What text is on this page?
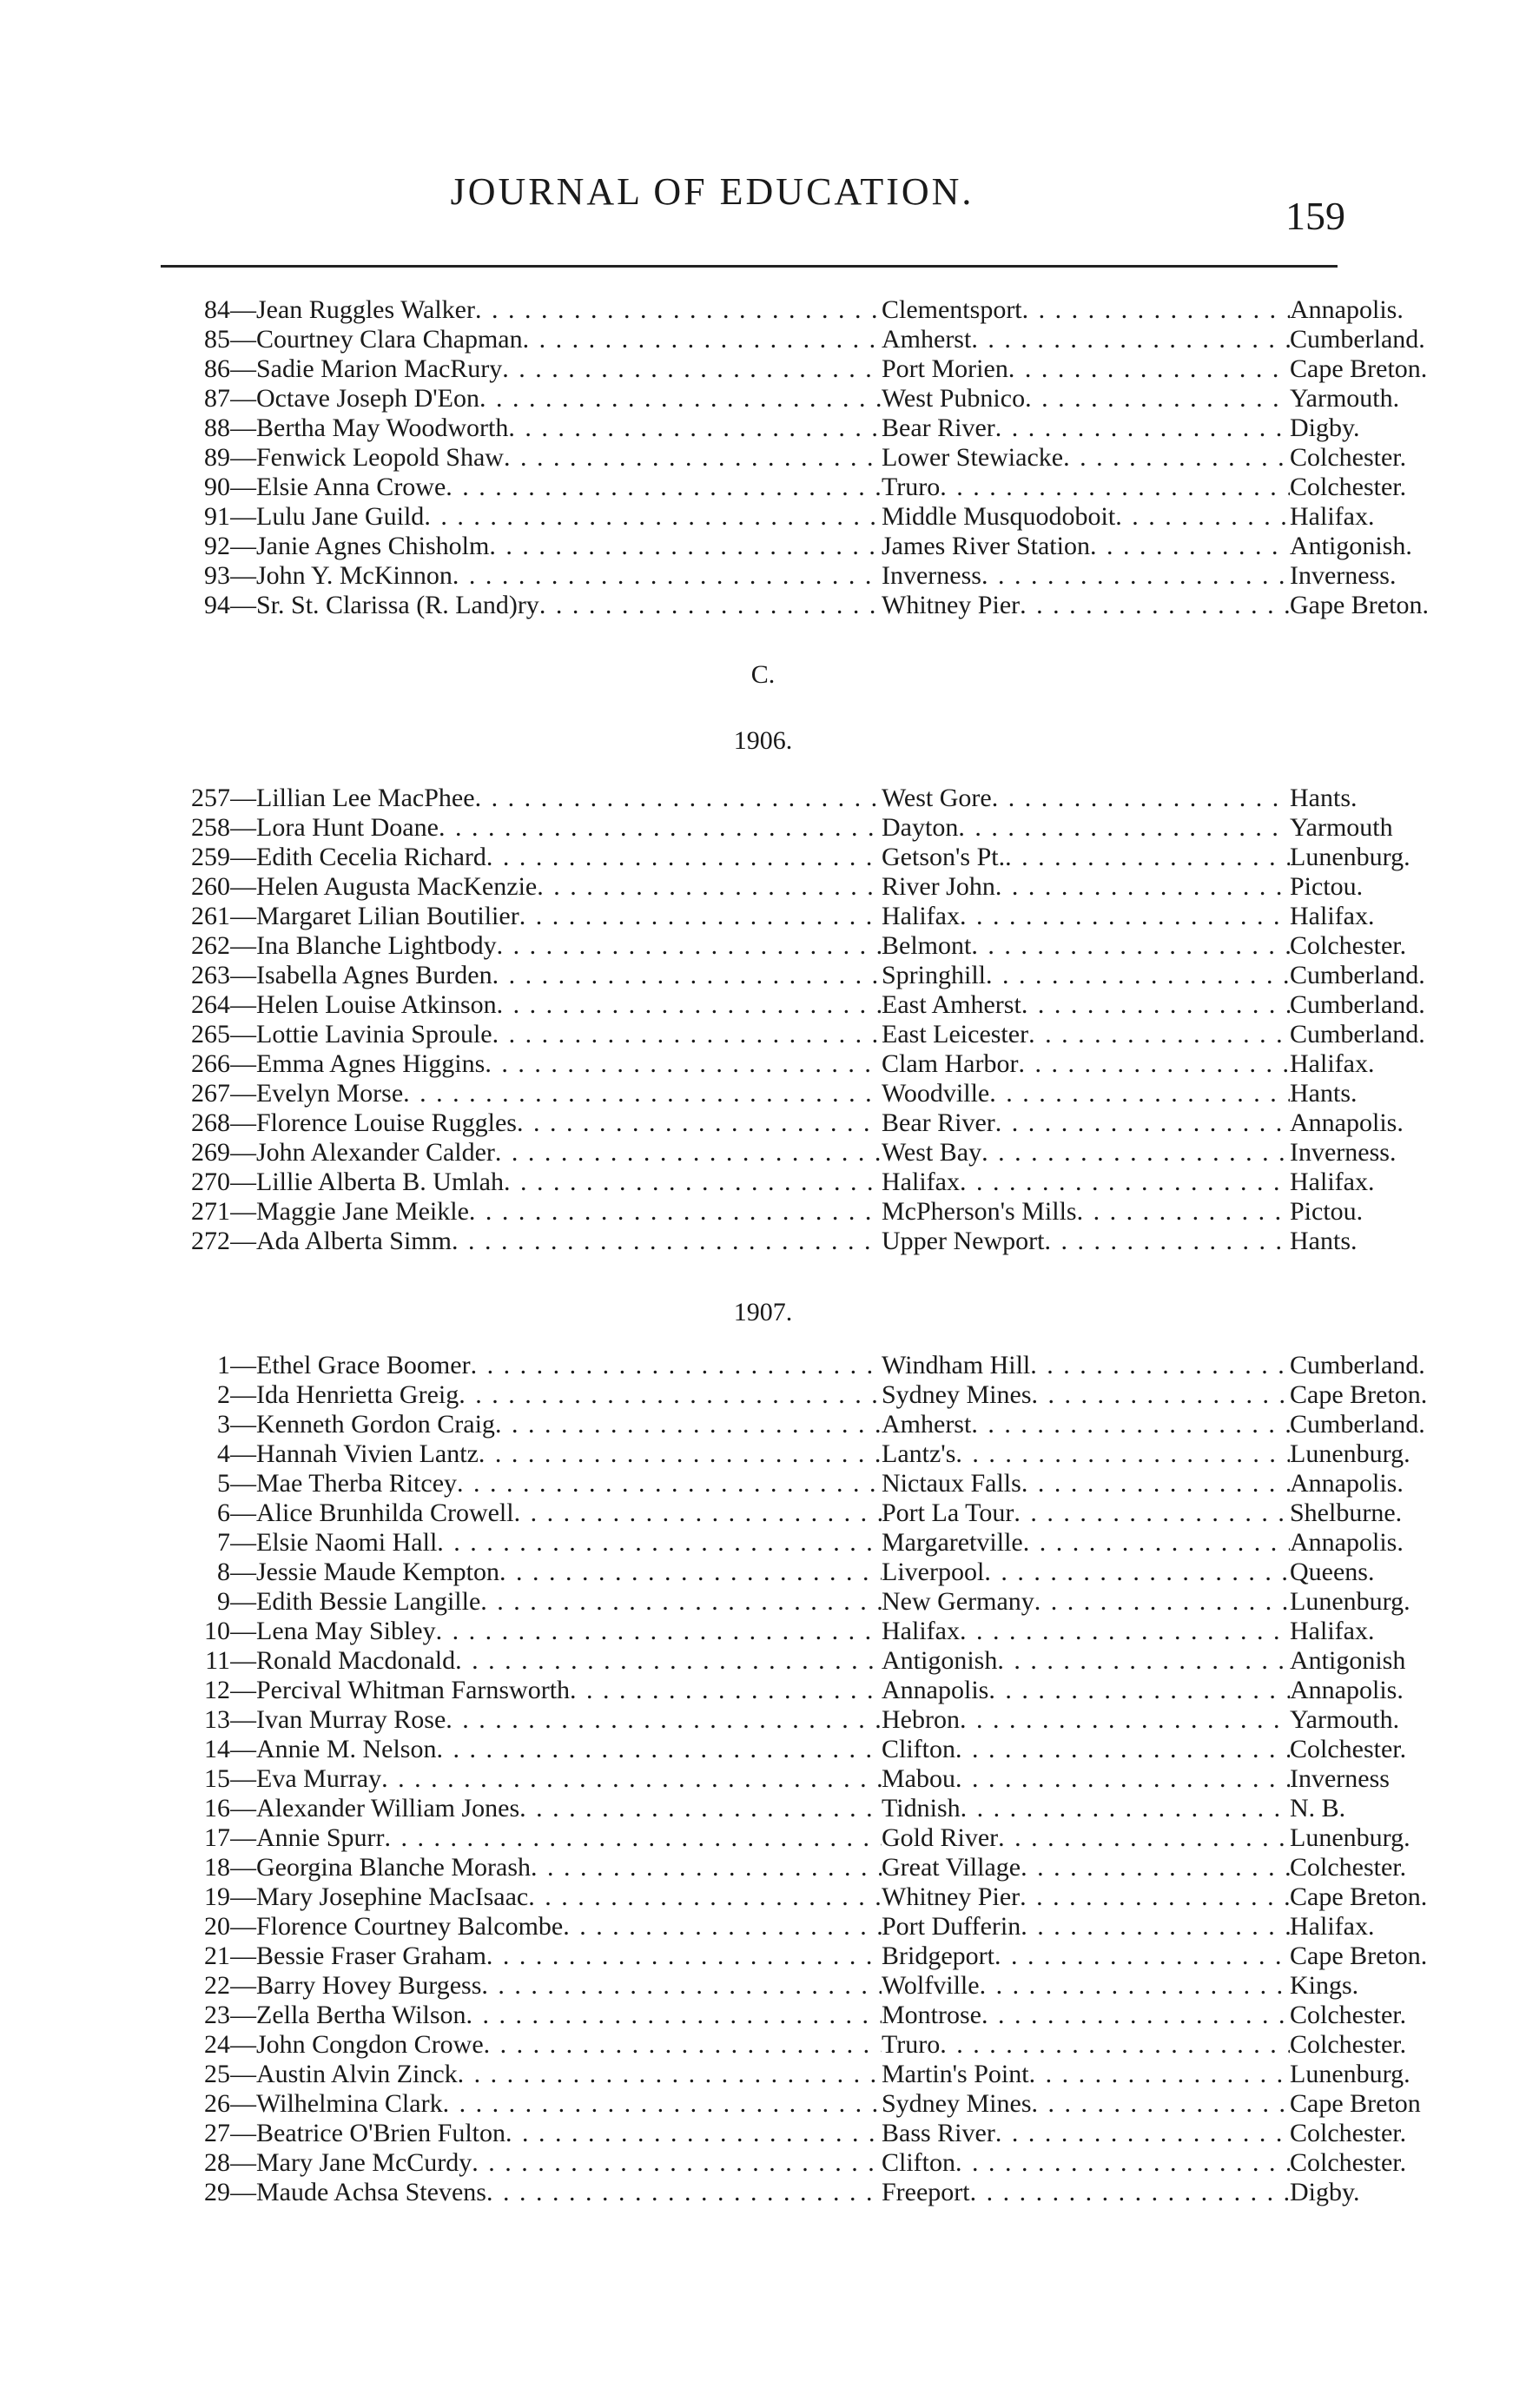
JOURNAL OF EDUCATION.
159
84 — Jean Ruggles Walker . . .	Clementsport . . .	Annapolis.
85 — Courtney Clara Chapman . . .	Amherst . . .	Cumberland.
86 — Sadie Marion MacRury . . .	Port Morien . . .	Cape Breton.
87 — Octave Joseph D'Eon . . .	West Pubnico . . .	Yarmouth.
88 — Bertha May Woodworth . . .	Bear River . . .	Digby.
89 — Fenwick Leopold Shaw . . .	Lower Stewiacke . . .	Colchester.
90 — Elsie Anna Crowe . . .	Truro . . .	Colchester.
91 — Lulu Jane Guild . . .	Middle Musquodoboit . . .	Halifax.
92 — Janie Agnes Chisholm . . .	James River Station . . .	Antigonish.
93 — John Y. McKinnon . . .	Inverness . . .	Inverness.
94 — Sr. St. Clarissa (R. Land)ry . . .	Whitney Pier . . .	Gape Breton.
C.
1906.
257 — Lillian Lee MacPhee . . .	West Gore . . .	Hants.
258 — Lora Hunt Doane . . .	Dayton . . .	Yarmouth
259 — Edith Cecelia Richard . . .	Getson's Pt. . . .	Lunenburg.
260 — Helen Augusta MacKenzie . . .	River John . . .	Pictou.
261 — Margaret Lilian Boutilier . . .	Halifax . . .	Halifax.
262 — Ina Blanche Lightbody . . .	Belmont . . .	Colchester.
263 — Isabella Agnes Burden . . .	Springhill . . .	Cumberland.
264 — Helen Louise Atkinson . . .	East Amherst . . .	Cumberland.
265 — Lottie Lavinia Sproule . . .	East Leicester . . .	Cumberland.
266 — Emma Agnes Higgins . . .	Clam Harbor . . .	Halifax.
267 — Evelyn Morse . . .	Woodville . . .	Hants.
268 — Florence Louise Ruggles . . .	Bear River . . .	Annapolis.
269 — John Alexander Calder . . .	West Bay . . .	Inverness.
270 — Lillie Alberta B. Umlah . . .	Halifax . . .	Halifax.
271 — Maggie Jane Meikle . . .	McPherson's Mills . . .	Pictou.
272 — Ada Alberta Simm . . .	Upper Newport . . .	Hants.
1907.
1 — Ethel Grace Boomer . . .	Windham Hill . . .	Cumberland.
2 — Ida Henrietta Greig . . .	Sydney Mines . . .	Cape Breton.
3 — Kenneth Gordon Craig . . .	Amherst . . .	Cumberland.
4 — Hannah Vivien Lantz . . .	Lantz's . . .	Lunenburg.
5 — Mae Therba Ritcey . . .	Nictaux Falls . . .	Annapolis.
6 — Alice Brunhilda Crowell . . .	Port La Tour . . .	Shelburne.
7 — Elsie Naomi Hall . . .	Margaretville . . .	Annapolis.
8 — Jessie Maude Kempton . . .	Liverpool . . .	Queens.
9 — Edith Bessie Langille . . .	New Germany . . .	Lunenburg.
10 — Lena May Sibley . . .	Halifax . . .	Halifax.
11 — Ronald Macdonald . . .	Antigonish . . .	Antigonish
12 — Percival Whitman Farnsworth . . .	Annapolis . . .	Annapolis.
13 — Ivan Murray Rose . . .	Hebron . . .	Yarmouth.
14 — Annie M. Nelson . . .	Clifton . . .	Colchester.
15 — Eva Murray . . .	Mabou . . .	Inverness
16 — Alexander William Jones . . .	Tidnish . . .	N. B.
17 — Annie Spurr . . .	Gold River . . .	Lunenburg.
18 — Georgina Blanche Morash . . .	Great Village . . .	Colchester.
19 — Mary Josephine MacIsaac . . .	Whitney Pier . . .	Cape Breton.
20 — Florence Courtney Balcombe . . .	Port Dufferin . . .	Halifax.
21 — Bessie Fraser Graham . . .	Bridgeport . . .	Cape Breton.
22 — Barry Hovey Burgess . . .	Wolfville . . .	Kings.
23 — Zella Bertha Wilson . . .	Montrose . . .	Colchester.
24 — John Congdon Crowe . . .	Truro . . .	Colchester.
25 — Austin Alvin Zinck . . .	Martin's Point . . .	Lunenburg.
26 — Wilhelmina Clark . . .	Sydney Mines . . .	Cape Breton
27 — Beatrice O'Brien Fulton . . .	Bass River . . .	Colchester.
28 — Mary Jane McCurdy . . .	Clifton . . .	Colchester.
29 — Maude Achsa Stevens . . .	Freeport . . .	Digby.
